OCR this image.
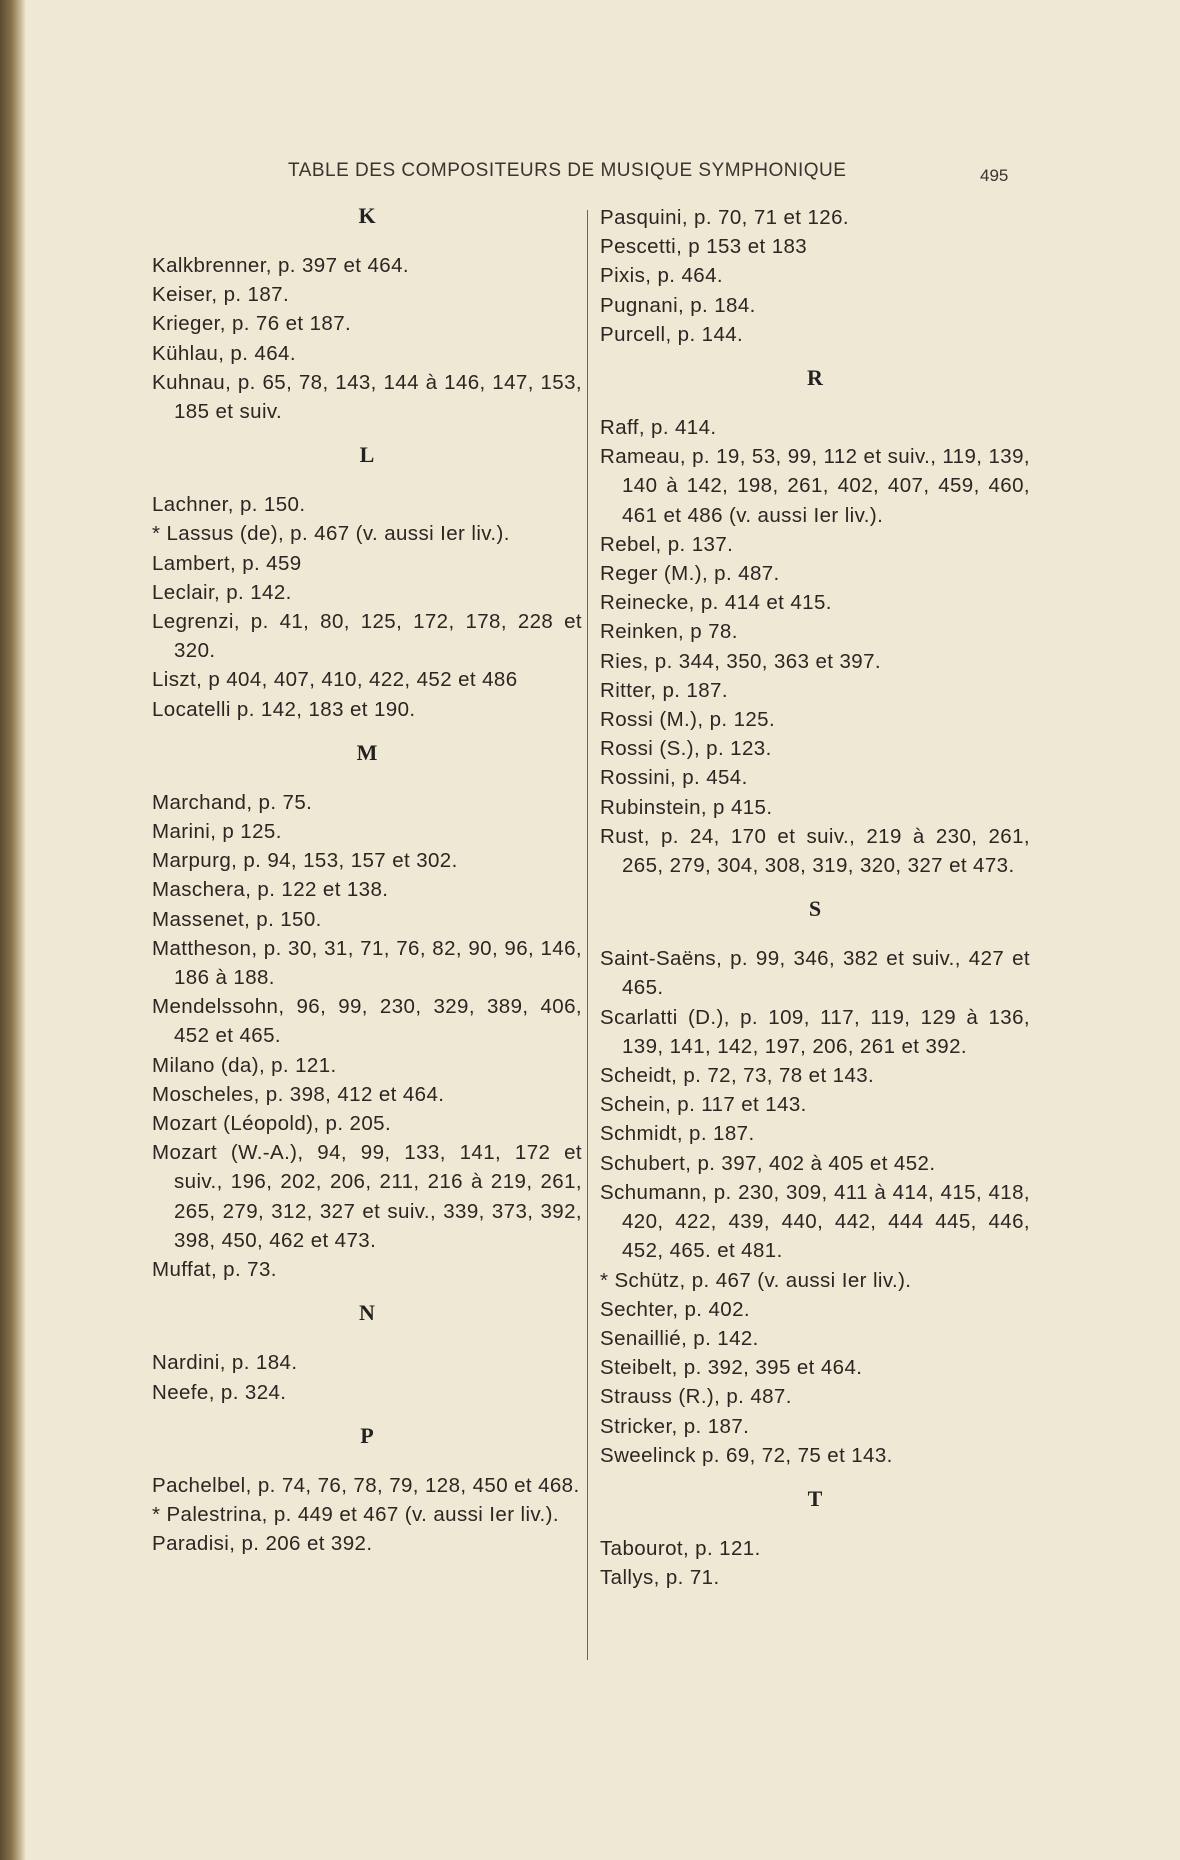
TABLE DES COMPOSITEURS DE MUSIQUE SYMPHONIQUE	495
K
Kalkbrenner, p. 397 et 464.
Keiser, p. 187.
Krieger, p. 76 et 187.
Kühlau, p. 464.
Kuhnau, p. 65, 78, 143, 144 à 146, 147, 153, 185 et suiv.
L
Lachner, p. 150.
* Lassus (de), p. 467 (v. aussi Ier liv.).
Lambert, p. 459
Leclair, p. 142.
Legrenzi, p. 41, 80, 125, 172, 178, 228 et 320.
Liszt, p 404, 407, 410, 422, 452 et 486
Locatelli p. 142, 183 et 190.
M
Marchand, p. 75.
Marini, p 125.
Marpurg, p. 94, 153, 157 et 302.
Maschera, p. 122 et 138.
Massenet, p. 150.
Mattheson, p. 30, 31, 71, 76, 82, 90, 96, 146, 186 à 188.
Mendelssohn, 96, 99, 230, 329, 389, 406, 452 et 465.
Milano (da), p. 121.
Moscheles, p. 398, 412 et 464.
Mozart (Léopold), p. 205.
Mozart (W.-A.), 94, 99, 133, 141, 172 et suiv., 196, 202, 206, 211, 216 à 219, 261, 265, 279, 312, 327 et suiv., 339, 373, 392, 398, 450, 462 et 473.
Muffat, p. 73.
N
Nardini, p. 184.
Neefe, p. 324.
P
Pachelbel, p. 74, 76, 78, 79, 128, 450 et 468.
* Palestrina, p. 449 et 467 (v. aussi Ier liv.).
Paradisi, p. 206 et 392.
Pasquini, p. 70, 71 et 126.
Pescetti, p 153 et 183
Pixis, p. 464.
Pugnani, p. 184.
Purcell, p. 144.
R
Raff, p. 414.
Rameau, p. 19, 53, 99, 112 et suiv., 119, 139, 140 à 142, 198, 261, 402, 407, 459, 460, 461 et 486 (v. aussi Ier liv.).
Rebel, p. 137.
Reger (M.), p. 487.
Reinecke, p. 414 et 415.
Reinken, p 78.
Ries, p. 344, 350, 363 et 397.
Ritter, p. 187.
Rossi (M.), p. 125.
Rossi (S.), p. 123.
Rossini, p. 454.
Rubinstein, p 415.
Rust, p. 24, 170 et suiv., 219 à 230, 261, 265, 279, 304, 308, 319, 320, 327 et 473.
S
Saint-Saëns, p. 99, 346, 382 et suiv., 427 et 465.
Scarlatti (D.), p. 109, 117, 119, 129 à 136, 139, 141, 142, 197, 206, 261 et 392.
Scheidt, p. 72, 73, 78 et 143.
Schein, p. 117 et 143.
Schmidt, p. 187.
Schubert, p. 397, 402 à 405 et 452.
Schumann, p. 230, 309, 411 à 414, 415, 418, 420, 422, 439, 440, 442, 444 445, 446, 452, 465. et 481.
* Schütz, p. 467 (v. aussi Ier liv.).
Sechter, p. 402.
Senaillié, p. 142.
Steibelt, p. 392, 395 et 464.
Strauss (R.), p. 487.
Stricker, p. 187.
Sweelinck p. 69, 72, 75 et 143.
T
Tabourot, p. 121.
Tallys, p. 71.
